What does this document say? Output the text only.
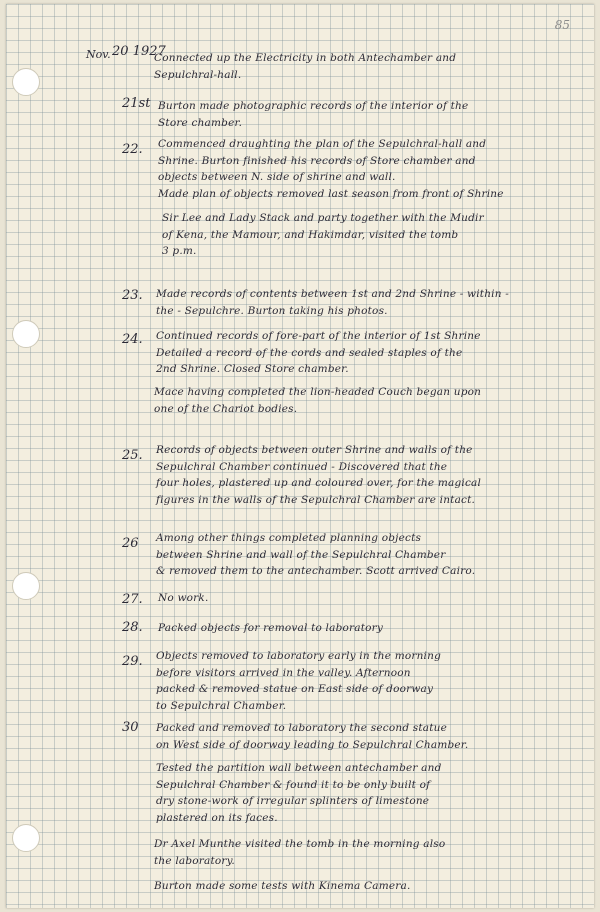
85
Nov. 20 1927
Connected up the Electricity in both Antechamber and
Sepulchral-hall.
21st Burton made photographic records of the interior of the
Store chamber.
22. Commenced draughting the plan of the Sepulchral-hall and
Shrine. Burton finished his records of Store chamber and
objects between N. side of shrine and wall.
Made plan of objects removed last season from front of Shrine
Sir Lee and Lady Stack and party together with the Mudir
of Kena, the Mamour, and Hakimdar, visited the tomb
3 p.m.
23. Made records of contents between 1st and 2nd Shrine - within -
the - Sepulchre. Burton taking his photos.
24. Continued records of fore-part of the interior of 1st Shrine
Detailed a record of the cords and sealed staples of the
2nd Shrine. Closed Store chamber.
Mace having completed the lion-headed Couch began upon
one of the Chariot bodies.
25. Records of objects between outer Shrine and walls of the
Sepulchral Chamber continued - Discovered that the
four holes, plastered up and coloured over, for the magical
figures in the walls of the Sepulchral Chamber are intact.
26 Among other things completed planning objects
between Shrine and wall of the Sepulchral Chamber
& removed them to the antechamber. Scott arrived Cairo.
27. No work.
28. Packed objects for removal to laboratory
29. Objects removed to laboratory early in the morning
before visitors arrived in the valley. Afternoon
packed & removed statue on East side of doorway
to Sepulchral Chamber.
30 Packed and removed to laboratory the second statue
on West side of doorway leading to Sepulchral Chamber.
Tested the partition wall between antechamber and
Sepulchral Chamber & found it to be only built of
dry stone-work of irregular splinters of limestone
plastered on its faces.
Dr Axel Munthe visited the tomb in the morning also
the laboratory.
Burton made some tests with Kinema Camera.
